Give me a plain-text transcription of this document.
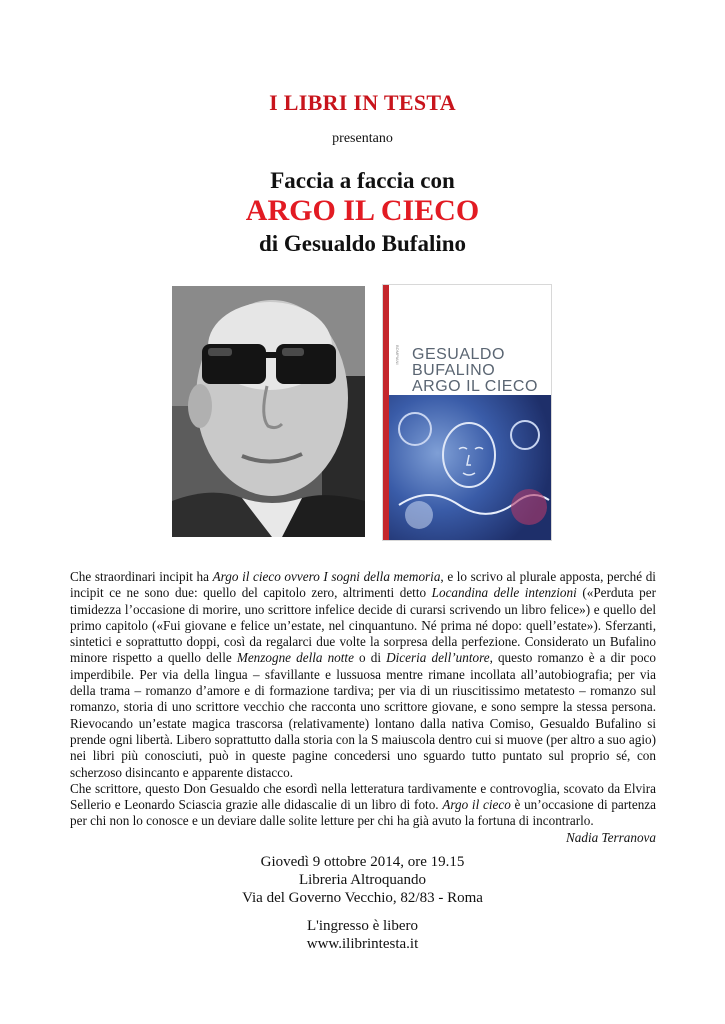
I LIBRI IN TESTA
presentano
Faccia a faccia con
ARGO IL CIECO
di Gesualdo Bufalino
BOMPIANI GESUALDO BUFALINO
ARGO IL CIECO

Che straordinari incipit ha Argo il cieco ovvero I sogni della memoria, e lo scrivo al plurale apposta, perché di incipit ce ne sono due: quello del capitolo zero, altrimenti detto Locandina delle intenzioni («Perduta per timidezza l’occasione di morire, uno scrittore infelice decide di curarsi scrivendo un libro felice») e quello del primo capitolo («Fui giovane e felice un’estate, nel cinquantuno. Né prima né dopo: quell’estate»). Sferzanti, sintetici e soprattutto doppi, così da regalarci due volte la sorpresa della perfezione. Considerato un Bufalino minore rispetto a quello delle Menzogne della notte o di Diceria dell’untore, questo romanzo è a dir poco imperdibile. Per via della lingua – sfavillante e lussuosa mentre rimane incollata all’autobiografia; per via della trama – romanzo d’amore e di formazione tardiva; per via di un riuscitissimo metatesto – romanzo sul romanzo, storia di uno scrittore vecchio che racconta uno scrittore giovane, e sono sempre la stessa persona. Rievocando un’estate magica trascorsa (relativamente) lontano dalla nativa Comiso, Gesualdo Bufalino si prende ogni libertà. Libero soprattutto dalla storia con la S maiuscola dentro cui si muove (per altro a suo agio) nei libri più conosciuti, può in queste pagine concedersi uno sguardo tutto puntato sul proprio sé, con scherzoso disincanto e apparente distacco.

Che scrittore, questo Don Gesualdo che esordì nella letteratura tardivamente e controvoglia, scovato da Elvira Sellerio e Leonardo Sciascia grazie alle didascalie di un libro di foto. Argo il cieco è un’occasione di partenza per chi non lo conosce e un deviare dalle solite letture per chi ha già avuto la fortuna di incontrarlo.

Nadia Terranova

Giovedì 9 ottobre 2014, ore 19.15
Libreria Altroquando
Via del Governo Vecchio, 82/83 - Roma
L'ingresso è libero
www.ilibrintesta.it
